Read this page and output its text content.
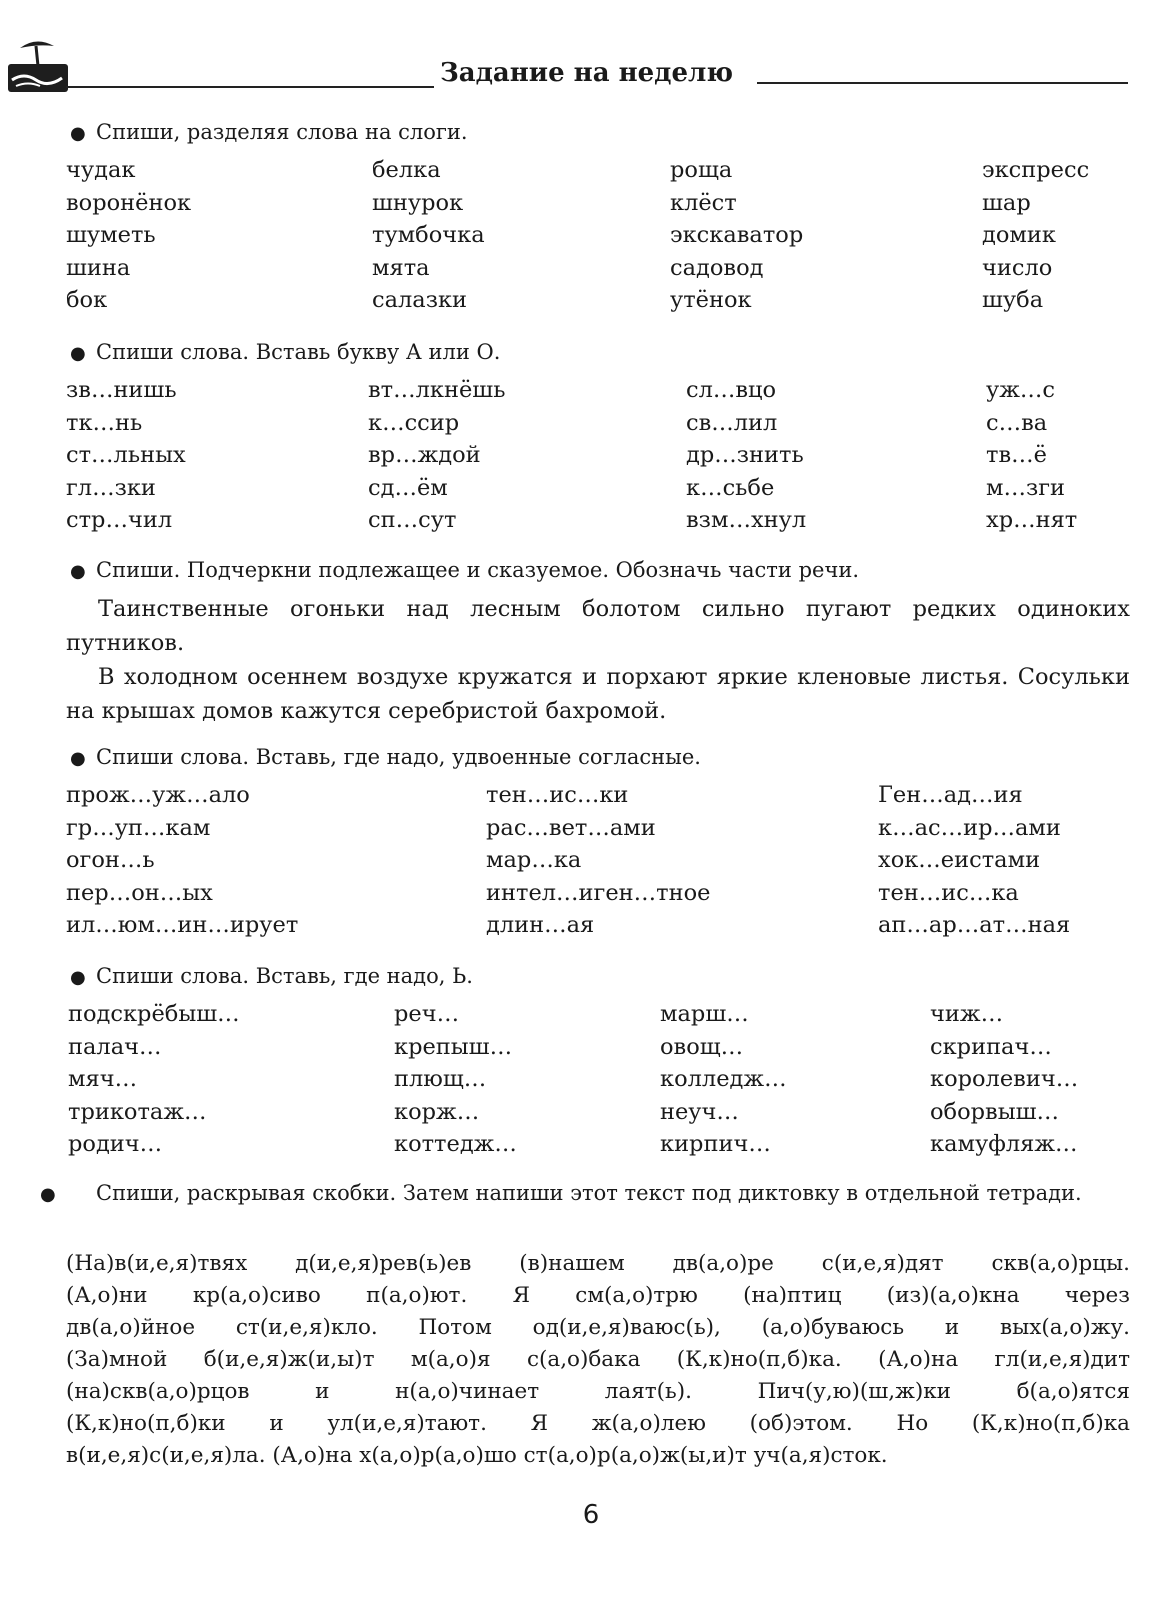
Задание на неделю
● Спиши, разделяя слова на слоги.
чудак
воронёнок
шуметь
шина
бок
белка
шнурок
тумбочка
мята
салазки
роща
клёст
экскаватор
садовод
утёнок
экспресс
шар
домик
число
шуба
● Спиши слова. Вставь букву А или О.
зв…нишь
тк…нь
ст…льных
гл…зки
стр…чил
вт…лкнёшь
к…ссир
вр…ждой
сд…ём
сп…сут
сл…вцо
св…лил
др…знить
к…сьбе
взм…хнул
уж…с
с…ва
тв…ё
м…зги
хр…нят
● Спиши. Подчеркни подлежащее и сказуемое. Обозначь части речи.

Таинственные огоньки над лесным болотом сильно пугают редких одиноких путников.

В холодном осеннем воздухе кружатся и порхают яркие кленовые листья. Сосульки на крышах домов кажутся серебристой бахромой.

● Спиши слова. Вставь, где надо, удвоенные согласные.
прож…уж…ало
гр…уп…кам
огон…ь
пер…он…ых
ил…юм…ин…ирует
тен…ис…ки
рас…вет…ами
мар…ка
интел…иген…тное
длин…ая
Ген…ад…ия
к…ас…ир…ами
хок…еистами
тен…ис…ка
ап…ар…ат…ная
● Спиши слова. Вставь, где надо, Ь.
подскрёбыш…
палач…
мяч…
трикотаж…
родич…
реч…
крепыш…
плющ…
корж…
коттедж…
марш…
овощ…
колледж…
неуч…
кирпич…
чиж…
скрипач…
королевич…
оборвыш…
камуфляж…
● Спиши, раскрывая скобки. Затем напиши этот текст под диктовку в отдельной тетради.

(На)в(и,е,я)твях д(и,е,я)рев(ь)ев (в)нашем дв(а,о)ре с(и,е,я)дят скв(а,о)рцы.

(А,о)ни кр(а,о)сиво п(а,о)ют. Я см(а,о)трю (на)птиц (из)(а,о)кна через

дв(а,о)йное ст(и,е,я)кло. Потом од(и,е,я)ваюс(ь), (а,о)буваюсь и вых(а,о)жу.

(За)мной б(и,е,я)ж(и,ы)т м(а,о)я с(а,о)бака (К,к)но(п,б)ка. (А,о)на гл(и,е,я)дит

(на)скв(а,о)рцов и н(а,о)чинает лаят(ь). Пич(у,ю)(ш,ж)ки б(а,о)ятся

(К,к)но(п,б)ки и ул(и,е,я)тают. Я ж(а,о)лею (об)этом. Но (К,к)но(п,б)ка

в(и,е,я)с(и,е,я)ла. (А,о)на х(а,о)р(а,о)шо ст(а,о)р(а,о)ж(ы,и)т уч(а,я)сток.

6
